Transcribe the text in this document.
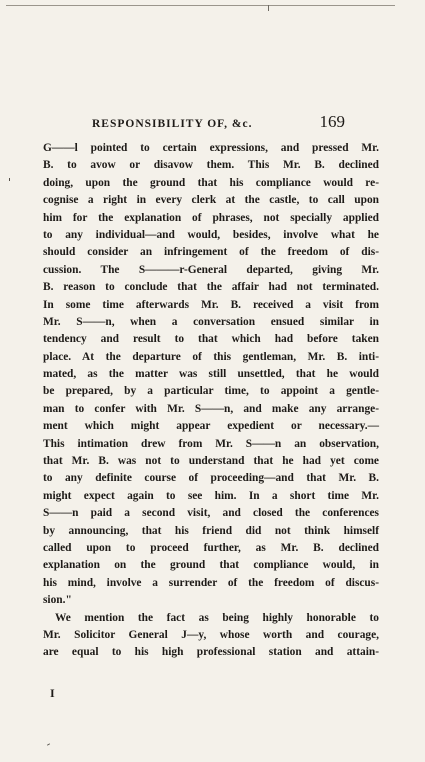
RESPONSIBILITY OF, &c.	169
G——l pointed to certain expressions, and pressed Mr.
B. to avow or disavow them. This Mr. B. declined
doing, upon the ground that his compliance would re-
cognise a right in every clerk at the castle, to call upon
him for the explanation of phrases, not specially applied
to any individual—and would, besides, involve what he
should consider an infringement of the freedom of dis-
cussion. The S———r-General departed, giving Mr.
B. reason to conclude that the affair had not terminated.
In some time afterwards Mr. B. received a visit from
Mr. S——n, when a conversation ensued similar in
tendency and result to that which had before taken
place. At the departure of this gentleman, Mr. B. inti-
mated, as the matter was still unsettled, that he would
be prepared, by a particular time, to appoint a gentle-
man to confer with Mr. S——n, and make any arrange-
ment which might appear expedient or necessary.—
This intimation drew from Mr. S——n an observation,
that Mr. B. was not to understand that he had yet come
to any definite course of proceeding—and that Mr. B.
might expect again to see him. In a short time Mr.
S——n paid a second visit, and closed the conferences
by announcing, that his friend did not think himself
called upon to proceed further, as Mr. B. declined
explanation on the ground that compliance would, in
his mind, involve a surrender of the freedom of discus-
sion."
We mention the fact as being highly honorable to
Mr. Solicitor General J—y, whose worth and courage,
are equal to his high professional station and attain-
I
